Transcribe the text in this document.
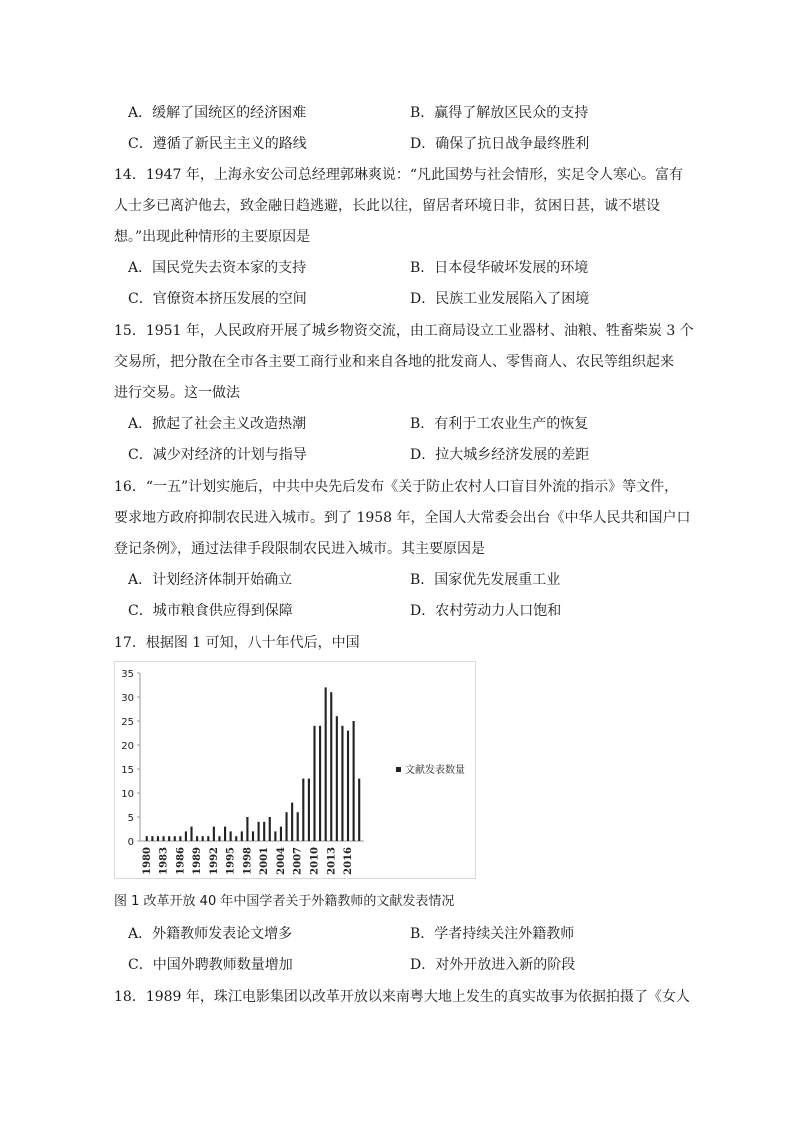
A．缓解了国统区的经济困难	B．赢得了解放区民众的支持
C．遵循了新民主主义的路线	D．确保了抗日战争最终胜利
14．1947 年，上海永安公司总经理郭琳爽说：“凡此国势与社会情形，实足令人寒心。富有
人士多已离沪他去，致金融日趋逃避，长此以往，留居者环境日非，贫困日甚，诚不堪设
想。”出现此种情形的主要原因是
A．国民党失去资本家的支持	B．日本侵华破坏发展的环境
C．官僚资本挤压发展的空间	D．民族工业发展陷入了困境
15．1951 年，人民政府开展了城乡物资交流，由工商局设立工业器材、油粮、牲畜柴炭 3 个
交易所，把分散在全市各主要工商行业和来自各地的批发商人、零售商人、农民等组织起来
进行交易。这一做法
A．掀起了社会主义改造热潮	B．有利于工农业生产的恢复
C．减少对经济的计划与指导	D．拉大城乡经济发展的差距
16．“一五”计划实施后，中共中央先后发布《关于防止农村人口盲目外流的指示》等文件，
要求地方政府抑制农民进入城市。到了 1958 年，全国人大常委会出台《中华人民共和国户口
登记条例》，通过法律手段限制农民进入城市。其主要原因是
A．计划经济体制开始确立	B．国家优先发展重工业
C．城市粮食供应得到保障	D．农村劳动力人口饱和
17．根据图 1 可知，八十年代后，中国
0
5
10
15
20
25
30
35
1980 1983 1986 1989 1992 1995 1998 2001 2004 2007 2010 2013 2016
文献发表数量
图 1 改革开放 40 年中国学者关于外籍教师的文献发表情况
A．外籍教师发表论文增多	B．学者持续关注外籍教师
C．中国外聘教师数量增加	D．对外开放进入新的阶段
18．1989 年，珠江电影集团以改革开放以来南粤大地上发生的真实故事为依据拍摄了《女人
